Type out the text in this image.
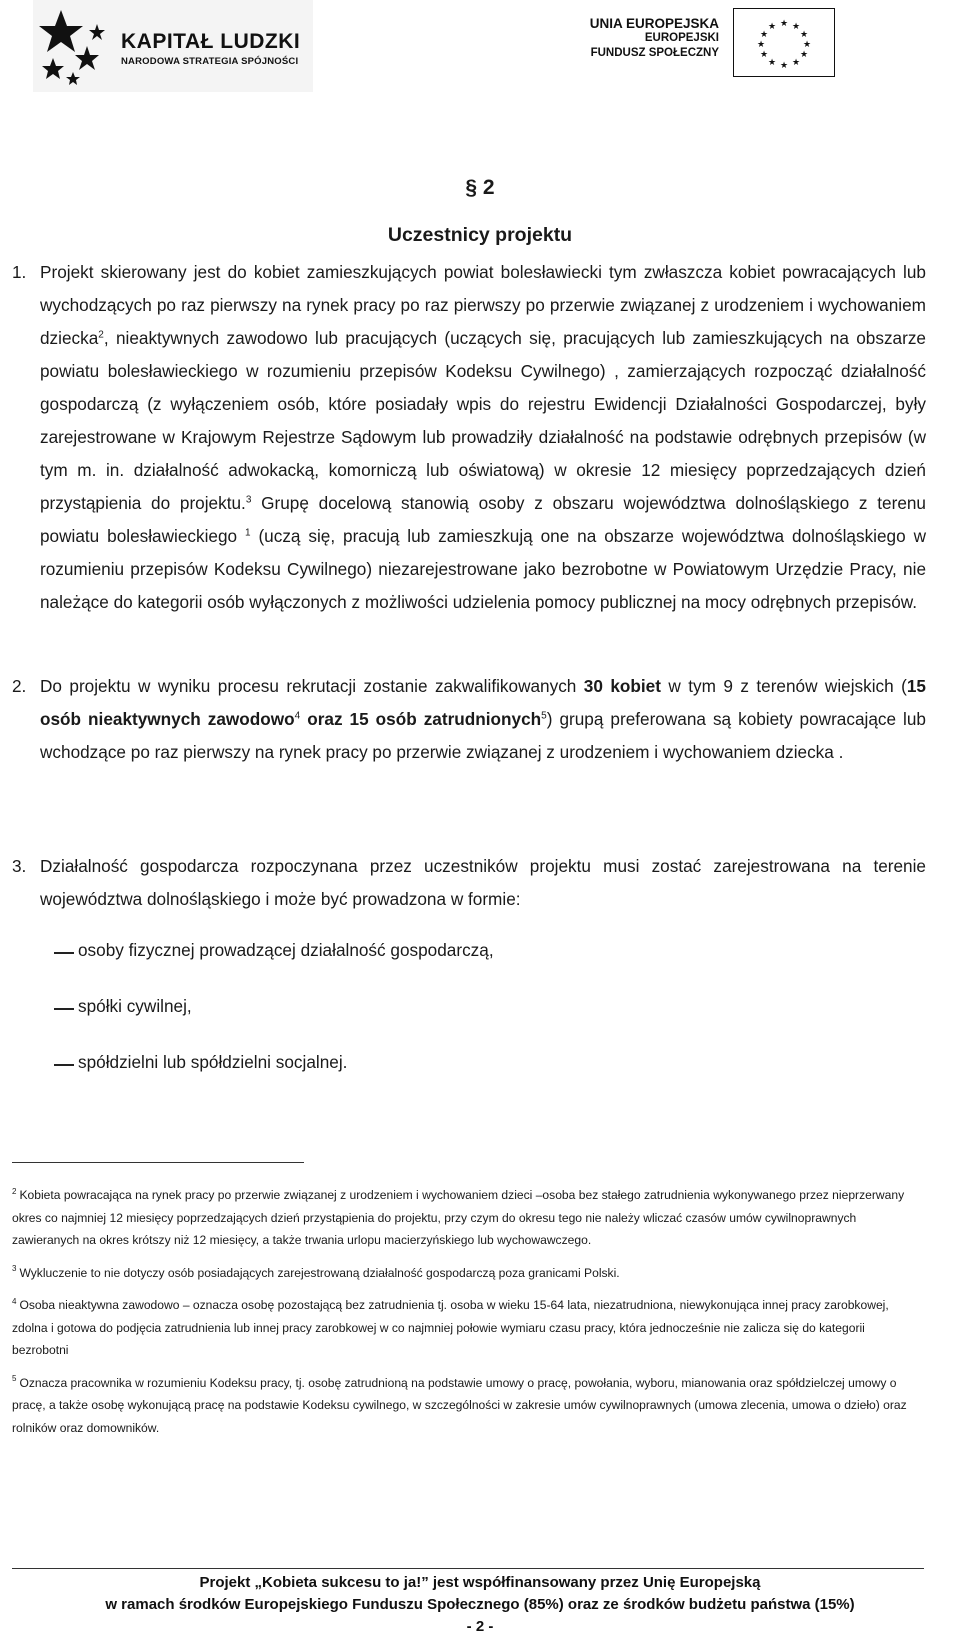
KAPITAŁ LUDZKI
NARODOWA STRATEGIA SPÓJNOŚCI
UNIA EUROPEJSKA
EUROPEJSKI
FUNDUSZ SPOŁECZNY
★ ★
★
★
★
★
★
★
★
★
★
★
§ 2
Uczestnicy projektu
1. Projekt skierowany jest do kobiet zamieszkujących powiat bolesławiecki tym zwłaszcza kobiet powracających lub wychodzących po raz pierwszy na rynek pracy po raz pierwszy po przerwie związanej z urodzeniem i wychowaniem dziecka$^2$, nieaktywnych zawodowo lub pracujących (uczących się, pracujących lub zamieszkujących na obszarze powiatu bolesławieckiego w rozumieniu przepisów Kodeksu Cywilnego) , zamierzających rozpocząć działalność gospodarczą (z wyłączeniem osób, które posiadały wpis do rejestru Ewidencji Działalności Gospodarczej, były zarejestrowane w Krajowym Rejestrze Sądowym lub prowadziły działalność na podstawie odrębnych przepisów (w tym m. in. działalność adwokacką, komorniczą lub oświatową) w okresie 12 miesięcy poprzedzających dzień przystąpienia do projektu.$^3$ Grupę docelową stanowią osoby z obszaru województwa dolnośląskiego z terenu powiatu bolesławieckiego $^1$ (uczą się, pracują lub zamieszkują one na obszarze województwa dolnośląskiego w rozumieniu przepisów Kodeksu Cywilnego) niezarejestrowane jako bezrobotne w Powiatowym Urzędzie Pracy, nie należące do kategorii osób wyłączonych z możliwości udzielenia pomocy publicznej na mocy odrębnych przepisów.
2. Do projektu w wyniku procesu rekrutacji zostanie zakwalifikowanych 30 kobiet w tym 9 z terenów wiejskich (15 osób nieaktywnych zawodowo$^4$ oraz 15 osób zatrudnionych$^5$) grupą preferowana są kobiety powracające lub wchodzące po raz pierwszy na rynek pracy po przerwie związanej z urodzeniem i wychowaniem dziecka .
3. Działalność gospodarcza rozpoczynana przez uczestników projektu musi zostać zarejestrowana na terenie województwa dolnośląskiego i może być prowadzona w formie:
osoby fizycznej prowadzącej działalność gospodarczą,
spółki cywilnej,
spółdzielni lub spółdzielni socjalnej.

$^2$ Kobieta powracająca na rynek pracy po przerwie związanej z urodzeniem i wychowaniem dzieci –osoba bez stałego zatrudnienia wykonywanego przez nieprzerwany okres co najmniej 12 miesięcy poprzedzających dzień przystąpienia do projektu, przy czym do okresu tego nie należy wliczać czasów umów cywilnoprawnych zawieranych na okres krótszy niż 12 miesięcy, a także trwania urlopu macierzyńskiego lub wychowawczego.

$^3$ Wykluczenie to nie dotyczy osób posiadających zarejestrowaną działalność gospodarczą poza granicami Polski.

$^4$ Osoba nieaktywna zawodowo – oznacza osobę pozostającą bez zatrudnienia tj. osoba w wieku 15-64 lata, niezatrudniona, niewykonująca innej pracy zarobkowej, zdolna i gotowa do podjęcia zatrudnienia lub innej pracy zarobkowej w co najmniej połowie wymiaru czasu pracy, która jednocześnie nie zalicza się do kategorii bezrobotni

$^5$ Oznacza pracownika w rozumieniu Kodeksu pracy, tj. osobę zatrudnioną na podstawie umowy o pracę, powołania, wyboru, mianowania oraz spółdzielczej umowy o pracę, a także osobę wykonującą pracę na podstawie Kodeksu cywilnego, w szczególności w zakresie umów cywilnoprawnych (umowa zlecenia, umowa o dzieło) oraz rolników oraz domowników.

Projekt „Kobieta sukcesu to ja!” jest współfinansowany przez Unię Europejską
w ramach środków Europejskiego Funduszu Społecznego (85%) oraz ze środków budżetu państwa (15%)
- 2 -
